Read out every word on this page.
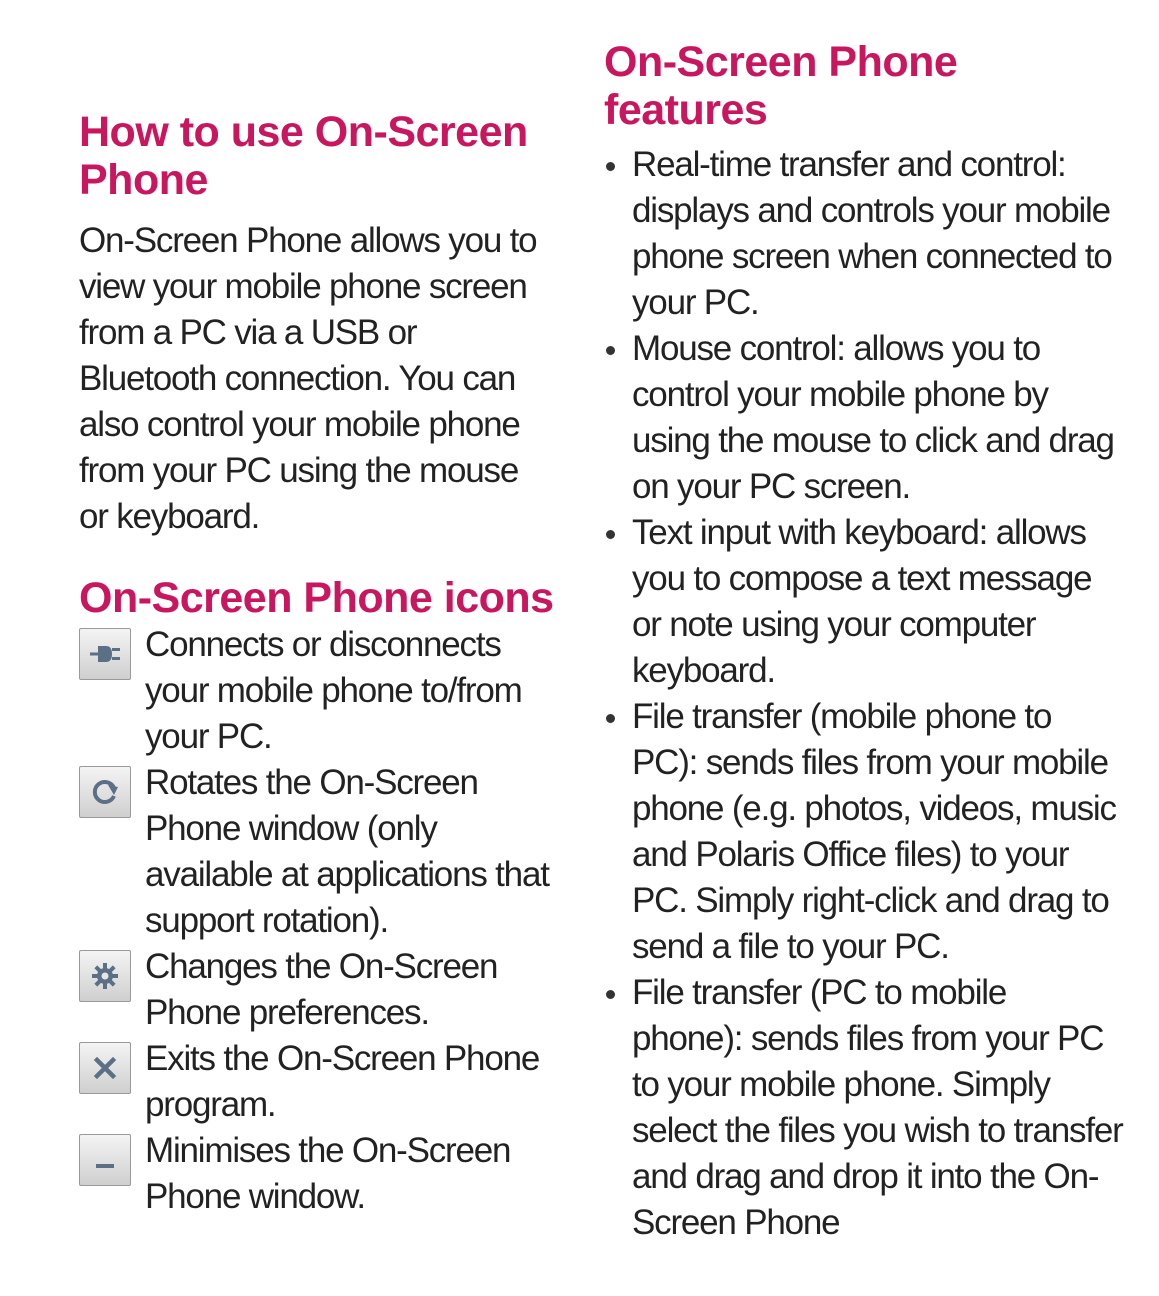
How to use On-Screen
Phone

On-Screen Phone allows you to view your mobile phone screen from a PC via a USB or Bluetooth connection. You can also control your mobile phone from your PC using the mouse or keyboard.

On-Screen Phone icons

Connects or disconnects your mobile phone to/from your PC.

Rotates the On-Screen Phone window (only available at applications that support rotation).

Changes the On-Screen Phone preferences.

Exits the On-Screen Phone program.

Minimises the On-Screen Phone window.

On-Screen Phone
features

Real-time transfer and control: displays and controls your mobile phone screen when connected to your PC.

Mouse control: allows you to control your mobile phone by using the mouse to click and drag on your PC screen.

Text input with keyboard: allows you to compose a text message or note using your computer keyboard.

File transfer (mobile phone to PC): sends files from your mobile phone (e.g. photos, videos, music and Polaris Office files) to your PC. Simply right-click and drag to send a file to your PC.

File transfer (PC to mobile phone): sends files from your PC to your mobile phone. Simply select the files you wish to transfer and drag and drop it into the On-Screen Phone
